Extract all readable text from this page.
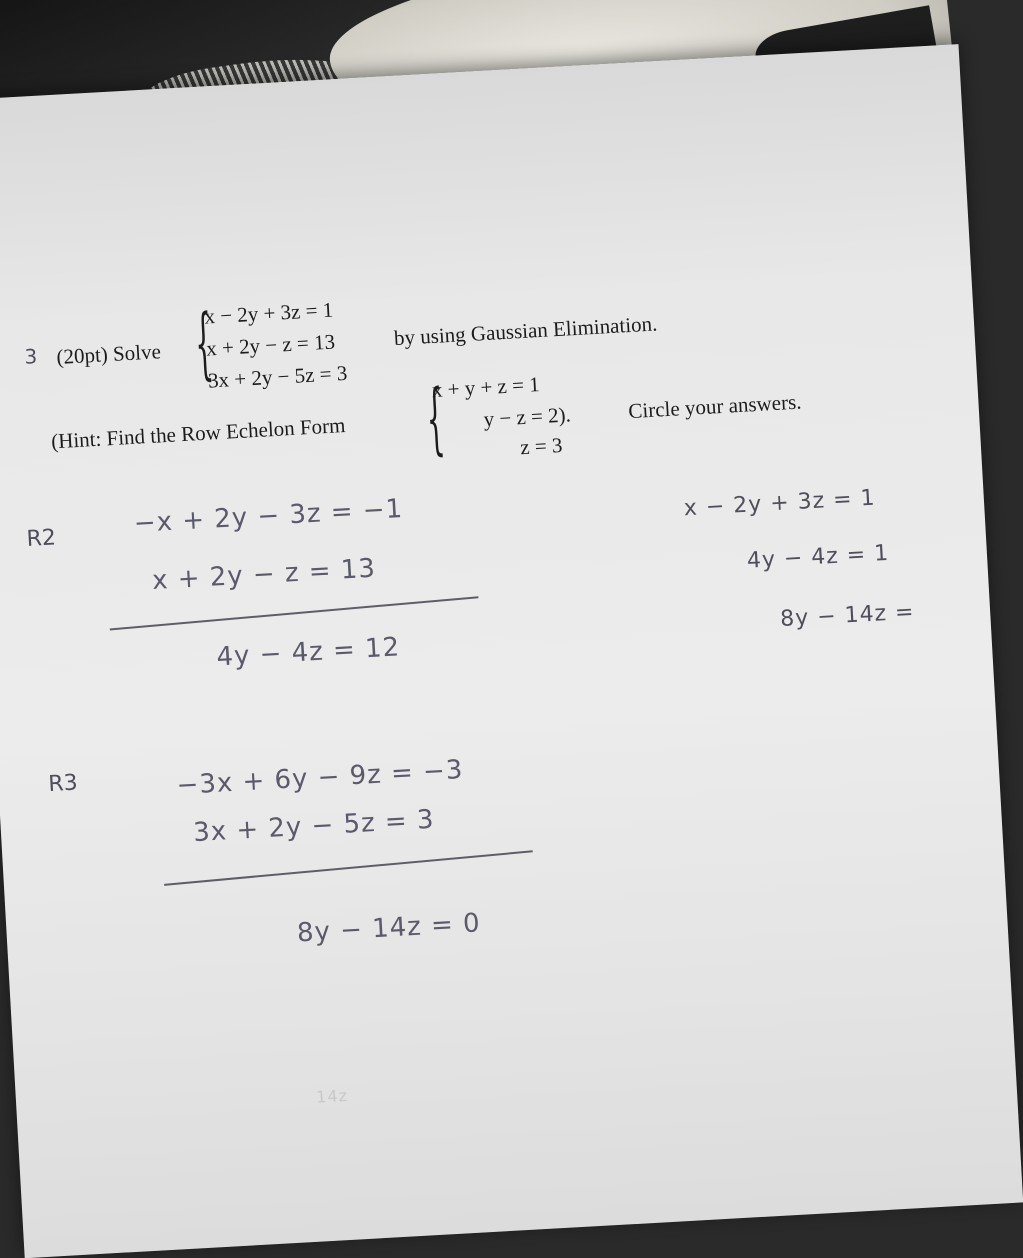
3 (20pt) Solve {
x − 2y + 3z = 1
x + 2y − z = 13
3x + 2y − 5z = 3
by using Gaussian Elimination.
(Hint: Find the Row Echelon Form {
x + y + z = 1
y − z = 2).	Circle your answers.
z = 3
R2	−x + 2y − 3z = −1
x + 2y − z = 13
4y − 4z = 12
R3	−3x + 6y − 9z = −3
3x + 2y − 5z = 3
8y − 14z = 0
x − 2y + 3z = 1
4y − 4z = 1
8y − 14z =
14z
